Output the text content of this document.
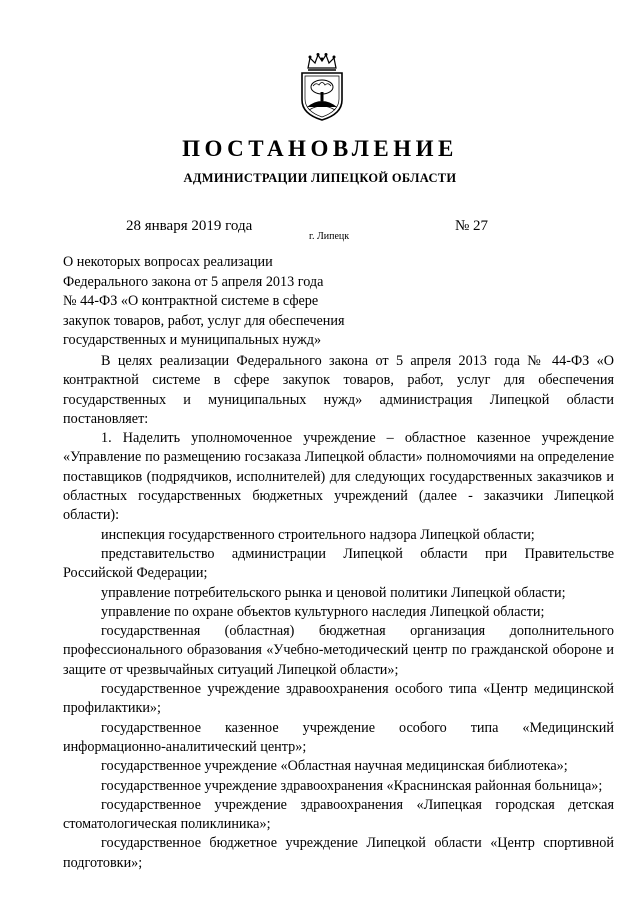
ПОСТАНОВЛЕНИЕ
АДМИНИСТРАЦИИ ЛИПЕЦКОЙ ОБЛАСТИ
28 января 2019 года
г. Липецк
№ 27
О некоторых вопросах реализации
Федерального закона от 5 апреля 2013 года
№ 44-ФЗ «О контрактной системе в сфере
закупок товаров, работ, услуг для обеспечения
государственных и муниципальных нужд»

В целях реализации Федерального закона от 5 апреля 2013 года № 44-ФЗ «О контрактной системе в сфере закупок товаров, работ, услуг для обеспечения государственных и муниципальных нужд» администрация Липецкой области постановляет:

1. Наделить уполномоченное учреждение – областное казенное учреждение «Управление по размещению госзаказа Липецкой области» полномочиями на определение поставщиков (подрядчиков, исполнителей) для следующих государственных заказчиков и областных государственных бюджетных учреждений (далее - заказчики Липецкой области):

инспекция государственного строительного надзора Липецкой области;

представительство администрации Липецкой области при Правительстве Российской Федерации;

управление потребительского рынка и ценовой политики Липецкой области;

управление по охране объектов культурного наследия Липецкой области;

государственная (областная) бюджетная организация дополнительного профессионального образования «Учебно-методический центр по гражданской обороне и защите от чрезвычайных ситуаций Липецкой области»;

государственное учреждение здравоохранения особого типа «Центр медицинской профилактики»;

государственное казенное учреждение особого типа «Медицинский информационно-аналитический центр»;

государственное учреждение «Областная научная медицинская библиотека»;

государственное учреждение здравоохранения «Краснинская районная больница»;

государственное учреждение здравоохранения «Липецкая городская детская стоматологическая поликлиника»;

государственное бюджетное учреждение Липецкой области «Центр спортивной подготовки»;
